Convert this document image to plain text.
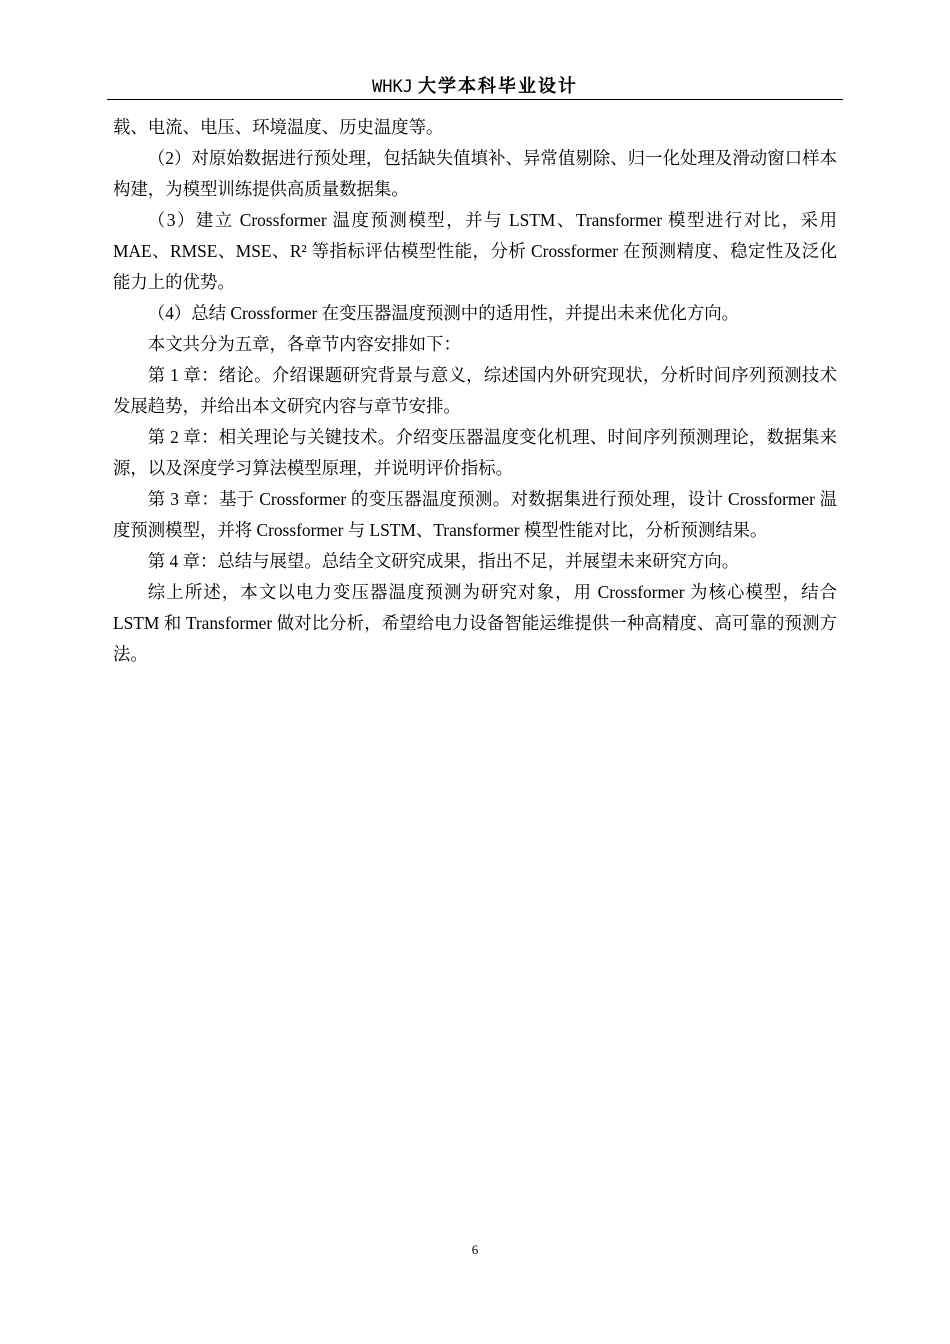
WHKJ 大学本科毕业设计

载、电流、电压、环境温度、历史温度等。

（2）对原始数据进行预处理，包括缺失值填补、异常值剔除、归一化处理及滑动窗口样本构建，为模型训练提供高质量数据集。

（3）建立 Crossformer 温度预测模型，并与 LSTM、Transformer 模型进行对比，采用 MAE、RMSE、MSE、R² 等指标评估模型性能，分析 Crossformer 在预测精度、稳定性及泛化能力上的优势。

（4）总结 Crossformer 在变压器温度预测中的适用性，并提出未来优化方向。

本文共分为五章，各章节内容安排如下：

第 1 章：绪论。介绍课题研究背景与意义，综述国内外研究现状，分析时间序列预测技术发展趋势，并给出本文研究内容与章节安排。

第 2 章：相关理论与关键技术。介绍变压器温度变化机理、时间序列预测理论，数据集来源，以及深度学习算法模型原理，并说明评价指标。

第 3 章：基于 Crossformer 的变压器温度预测。对数据集进行预处理，设计 Crossformer 温度预测模型，并将 Crossformer 与 LSTM、Transformer 模型性能对比，分析预测结果。

第 4 章：总结与展望。总结全文研究成果，指出不足，并展望未来研究方向。

综上所述，本文以电力变压器温度预测为研究对象，用 Crossformer 为核心模型，结合 LSTM 和 Transformer 做对比分析，希望给电力设备智能运维提供一种高精度、高可靠的预测方法。

6
